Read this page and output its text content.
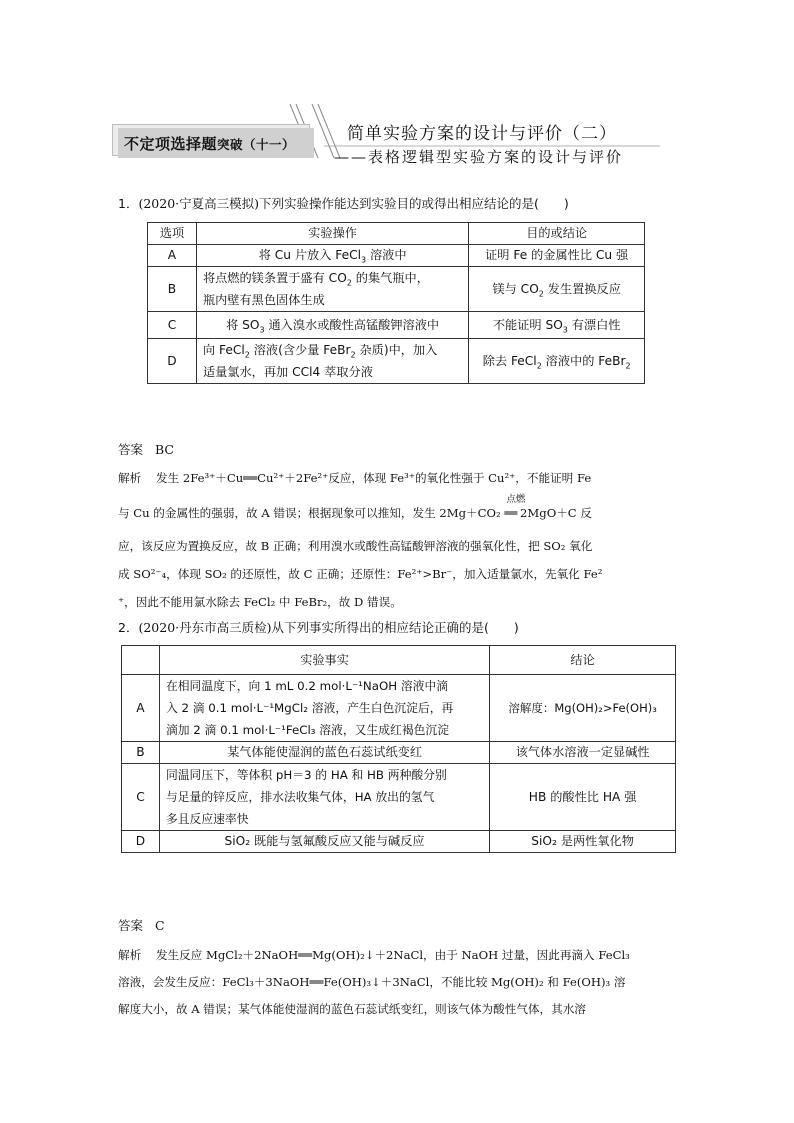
不定项选择题突破（十一）
简单实验方案的设计与评价（二）
——表格逻辑型实验方案的设计与评价
1．(2020·宁夏高三模拟)下列实验操作能达到实验目的或得出相应结论的是(　　)
选项	实验操作	目的或结论
A	将 Cu 片放入 FeCl$_3$ 溶液中	证明 Fe 的金属性比 Cu 强
B	将点燃的镁条置于盛有 $CO_2$ 的集气瓶中，
瓶内壁有黑色固体生成	镁与 $CO_2$ 发生置换反应
C	将 $SO_3$ 通入溴水或酸性高锰酸钾溶液中	不能证明 $SO_3$ 有漂白性
D	向 FeCl$_2$ 溶液(含少量 FeBr$_2$ 杂质)中，加入
适量氯水，再加 CCl4 萃取分液	除去 FeCl$_2$ 溶液中的 FeBr$_2$
答案 BC
解析 发生 2Fe³⁺＋Cu══Cu²⁺＋2Fe²⁺反应，体现 Fe³⁺的氧化性强于 Cu²⁺，不能证明 Fe
与 Cu 的金属性的强弱，故 A 错误；根据现象可以推知，发生 2Mg＋CO₂
点燃
══ 2MgO＋C 反
应，该反应为置换反应，故 B 正确；利用溴水或酸性高锰酸钾溶液的强氧化性，把 SO₂ 氧化
成 SO²⁻₄，体现 SO₂ 的还原性，故 C 正确；还原性：Fe²⁺>Br⁻，加入适量氯水，先氧化 Fe²
⁺，因此不能用氯水除去 FeCl₂ 中 FeBr₂，故 D 错误。
2．(2020·丹东市高三质检)从下列事实所得出的相应结论正确的是(　　)
	实验事实	结论
A	在相同温度下，向 1 mL 0.2 mol·L⁻¹NaOH 溶液中滴
入 2 滴 0.1 mol·L⁻¹MgCl₂ 溶液，产生白色沉淀后，再
滴加 2 滴 0.1 mol·L⁻¹FeCl₃ 溶液，又生成红褐色沉淀	溶解度：Mg(OH)₂>Fe(OH)₃
B	某气体能使湿润的蓝色石蕊试纸变红	该气体水溶液一定显碱性
C	同温同压下，等体积 pH＝3 的 HA 和 HB 两种酸分别
与足量的锌反应，排水法收集气体，HA 放出的氢气
多且反应速率快	HB 的酸性比 HA 强
D	SiO₂ 既能与氢氟酸反应又能与碱反应	SiO₂ 是两性氧化物
答案 C
解析 发生反应 MgCl₂＋2NaOH══Mg(OH)₂↓＋2NaCl，由于 NaOH 过量，因此再滴入 FeCl₃
溶液，会发生反应：FeCl₃＋3NaOH══Fe(OH)₃↓＋3NaCl，不能比较 Mg(OH)₂ 和 Fe(OH)₃ 溶
解度大小，故 A 错误；某气体能使湿润的蓝色石蕊试纸变红，则该气体为酸性气体，其水溶
